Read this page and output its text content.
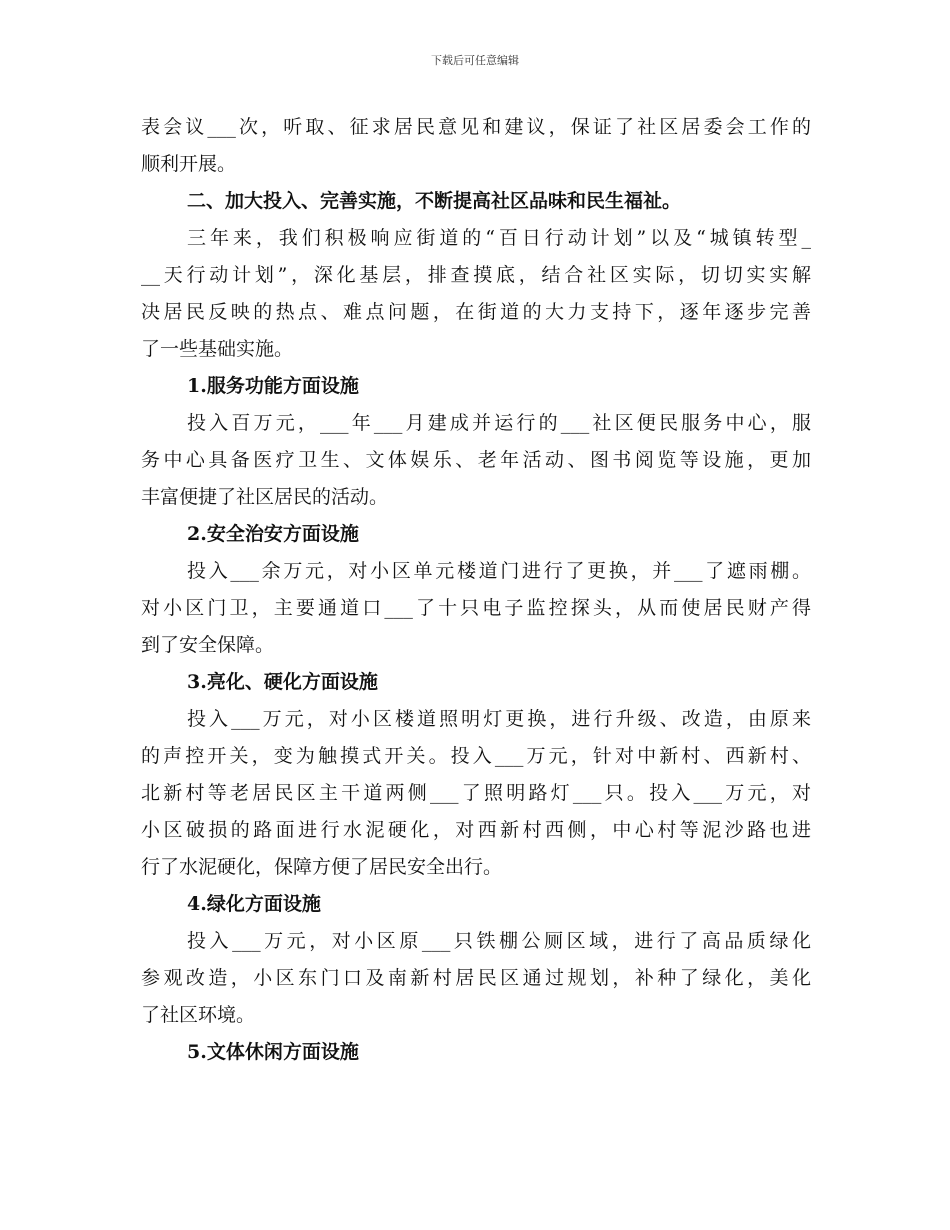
下载后可任意编辑
表会议___次，听取、征求居民意见和建议，保证了社区居委会工作的
顺利开展。
二、加大投入、完善实施，不断提高社区品味和民生福祉。
三年来，我们积极响应街道的“百日行动计划”以及“城镇转型_
__天行动计划”，深化基层，排查摸底，结合社区实际，切切实实解
决居民反映的热点、难点问题，在街道的大力支持下，逐年逐步完善
了一些基础实施。
1.服务功能方面设施
投入百万元，___年___月建成并运行的___社区便民服务中心，服
务中心具备医疗卫生、文体娱乐、老年活动、图书阅览等设施，更加
丰富便捷了社区居民的活动。
2.安全治安方面设施
投入___余万元，对小区单元楼道门进行了更换，并___了遮雨棚。
对小区门卫，主要通道口___了十只电子监控探头，从而使居民财产得
到了安全保障。
3.亮化、硬化方面设施
投入___万元，对小区楼道照明灯更换，进行升级、改造，由原来
的声控开关，变为触摸式开关。投入___万元，针对中新村、西新村、
北新村等老居民区主干道两侧___了照明路灯___只。投入___万元，对
小区破损的路面进行水泥硬化，对西新村西侧，中心村等泥沙路也进
行了水泥硬化，保障方便了居民安全出行。
4.绿化方面设施
投入___万元，对小区原___只铁棚公厕区域，进行了高品质绿化
参观改造，小区东门口及南新村居民区通过规划，补种了绿化，美化
了社区环境。
5.文体休闲方面设施
